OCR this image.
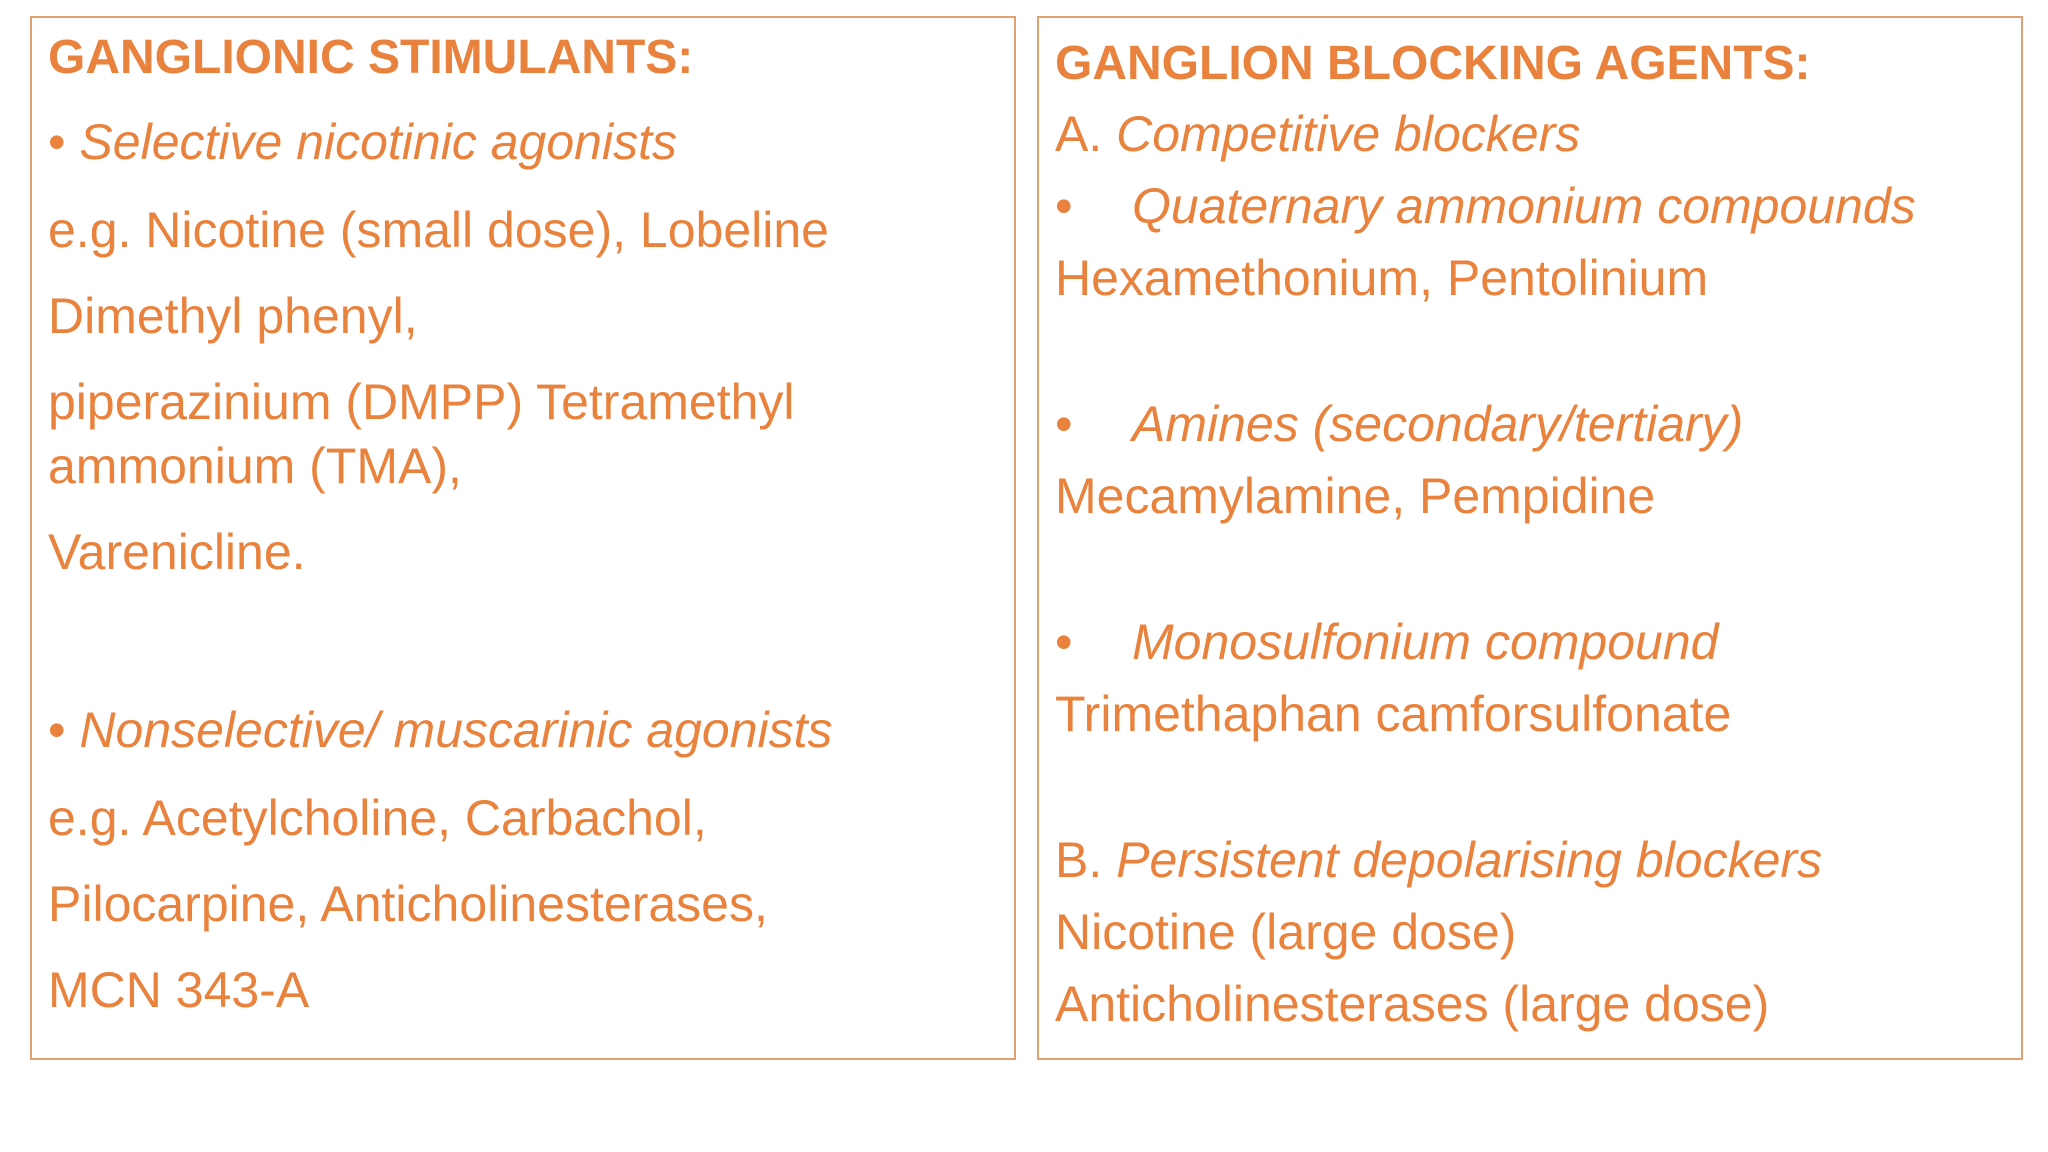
GANGLIONIC STIMULANTS:
• Selective nicotinic agonists
e.g. Nicotine (small dose), Lobeline
Dimethyl phenyl,
piperazinium (DMPP) Tetramethyl
ammonium (TMA),
Varenicline.
• Nonselective/ muscarinic agonists
e.g. Acetylcholine, Carbachol,
Pilocarpine, Anticholinesterases,
MCN 343-A
GANGLION BLOCKING AGENTS:
A. Competitive blockers
• Quaternary ammonium compounds
Hexamethonium, Pentolinium
• Amines (secondary/tertiary)
Mecamylamine, Pempidine
• Monosulfonium compound
Trimethaphan camforsulfonate
B. Persistent depolarising blockers
Nicotine (large dose)
Anticholinesterases (large dose)
